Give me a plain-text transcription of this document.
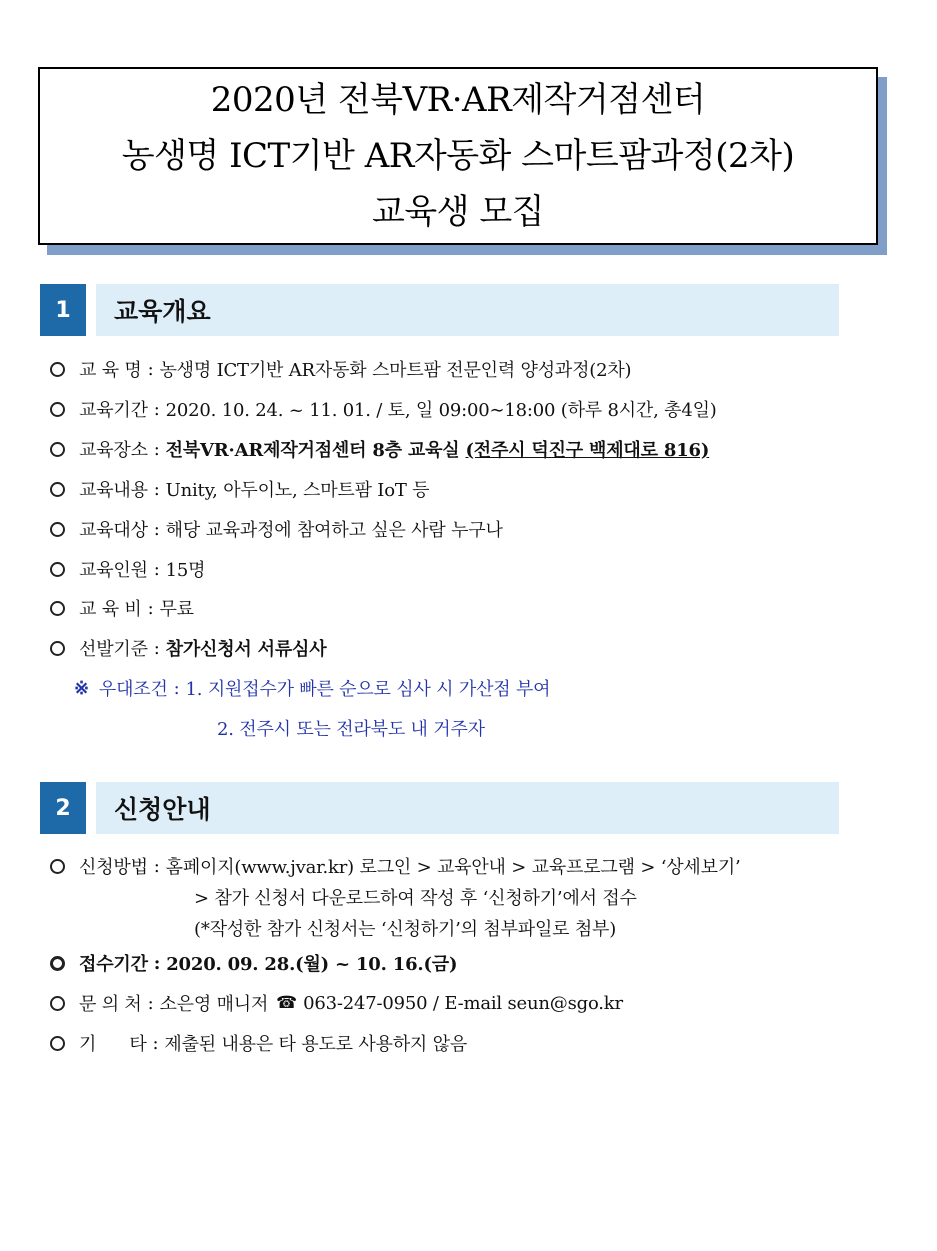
2020년 전북VR·AR제작거점센터
농생명 ICT기반 AR자동화 스마트팜과정(2차)
교육생 모집
1	교육개요
교 육 명 : 농생명 ICT기반 AR자동화 스마트팜 전문인력 양성과정(2차)
교육기간 : 2020. 10. 24. ~ 11. 01. / 토, 일 09:00∼18:00 (하루 8시간, 총4일)
교육장소 : 전북VR·AR제작거점센터 8층 교육실 (전주시 덕진구 백제대로 816)
교육내용 : Unity, 아두이노, 스마트팜 IoT 등
교육대상 : 해당 교육과정에 참여하고 싶은 사람 누구나
교육인원 : 15명
교 육 비 : 무료
선발기준 : 참가신청서 서류심사
※ 우대조건 : 1. 지원접수가 빠른 순으로 심사 시 가산점 부여
2. 전주시 또는 전라북도 내 거주자
2	신청안내
신청방법 : 홈페이지(www.jvar.kr) 로그인 > 교육안내 > 교육프로그램 > ‘상세보기’
> 참가 신청서 다운로드하여 작성 후 ‘신청하기’에서 접수
(*작성한 참가 신청서는 ‘신청하기’의 첨부파일로 첨부)
접수기간 : 2020. 09. 28.(월) ~ 10. 16.(금)
문 의 처 : 소은영 매니저 ☎ 063-247-0950 / E-mail seun@sgo.kr
기      타 : 제출된 내용은 타 용도로 사용하지 않음
